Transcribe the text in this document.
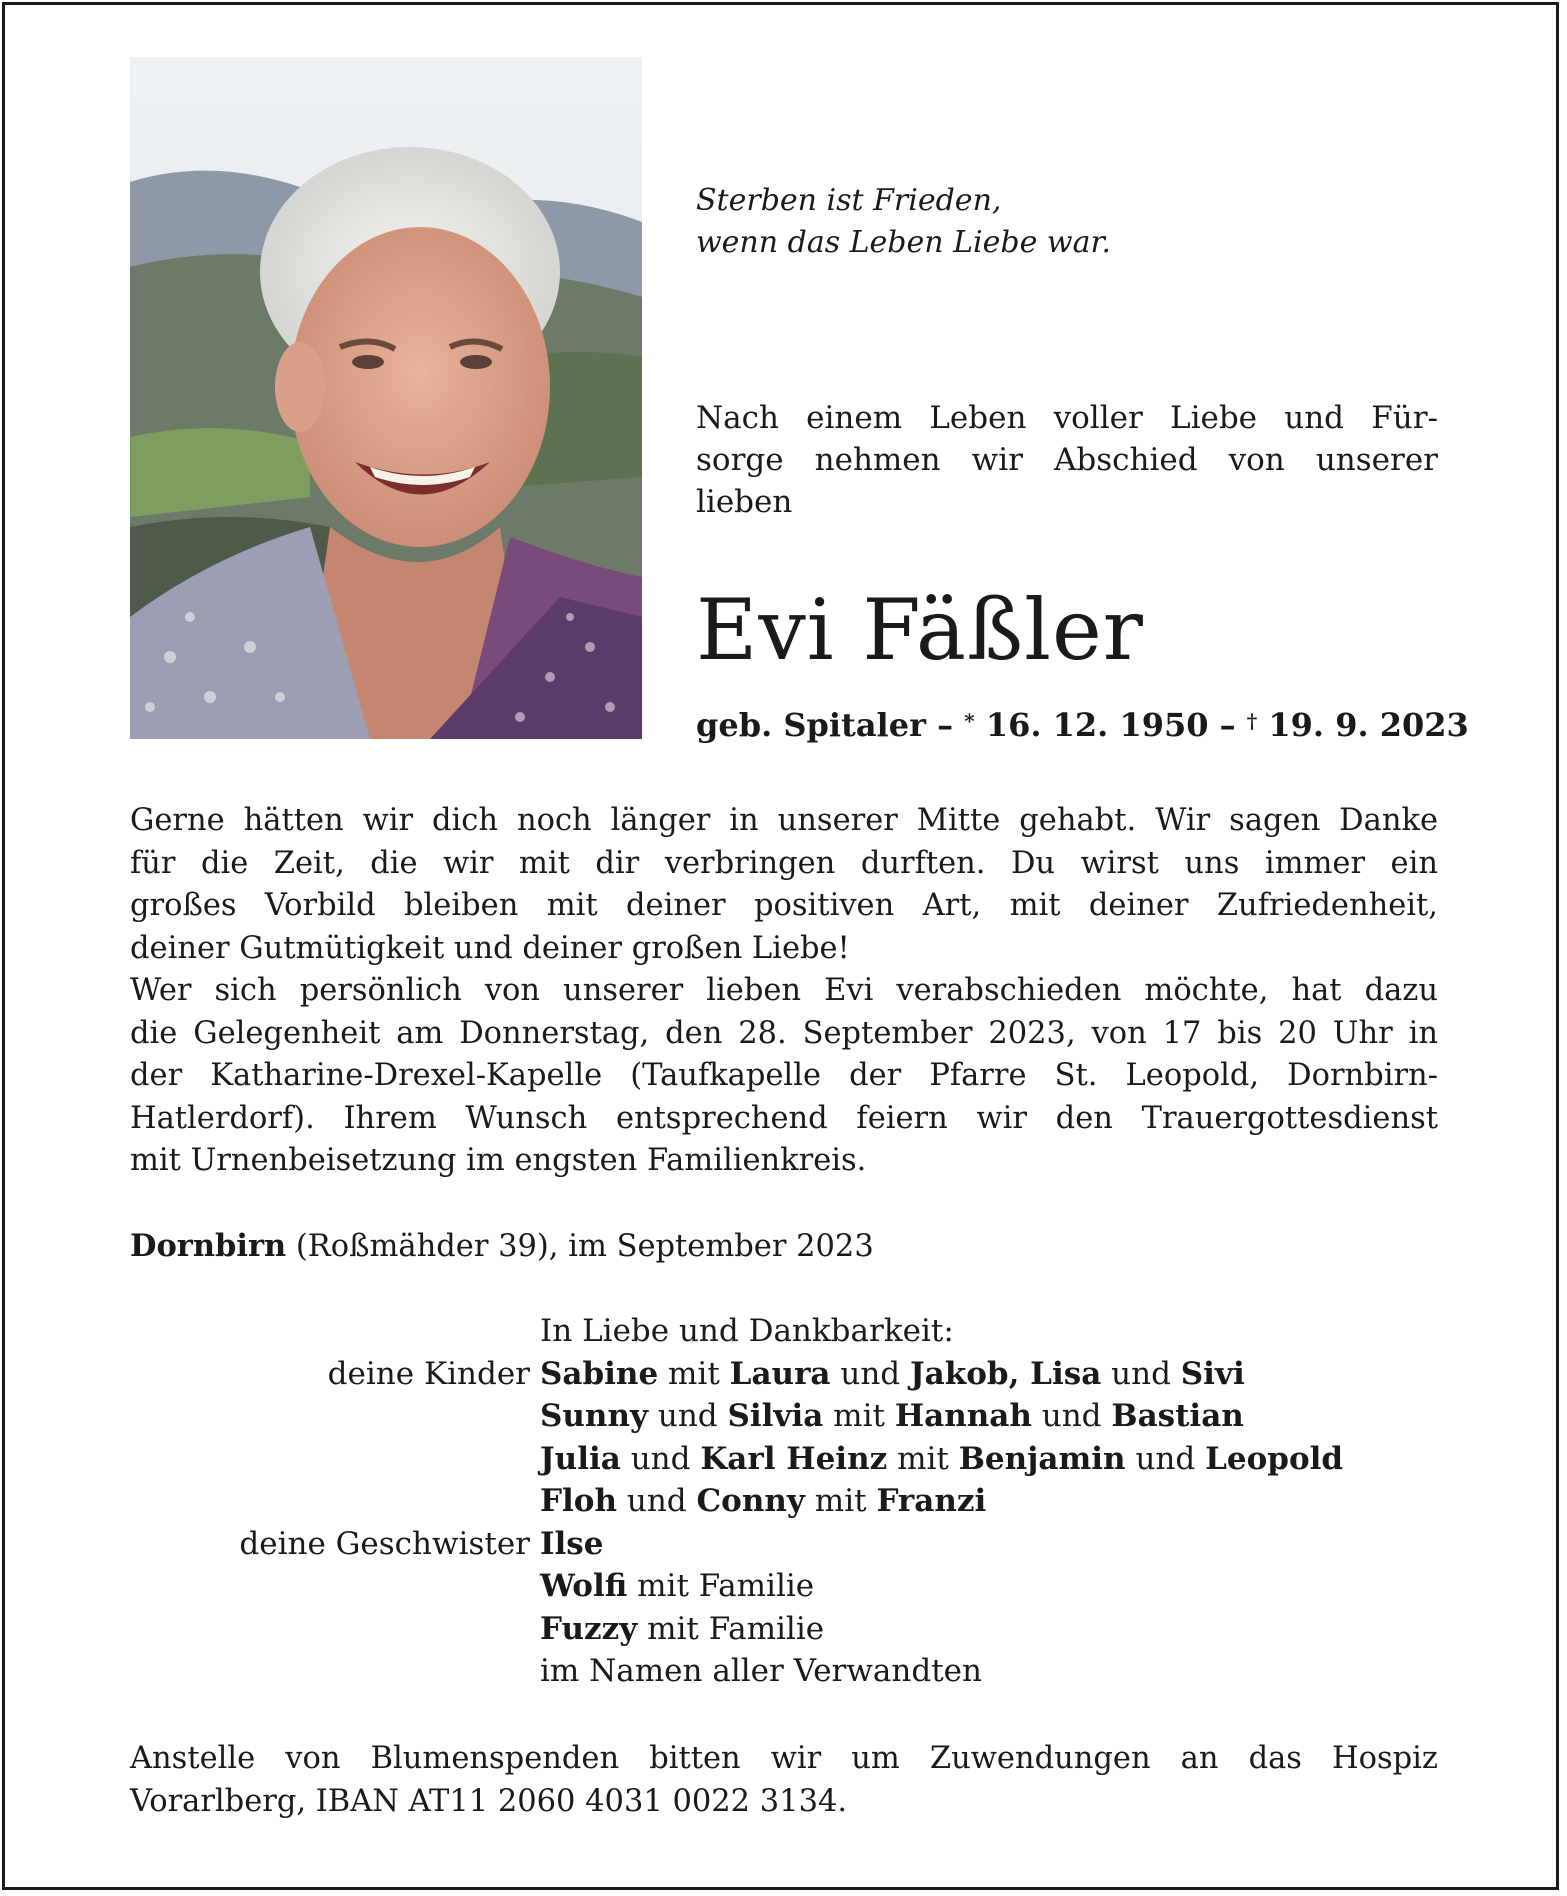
Sterben ist Frieden,
wenn das Leben Liebe war.
Nach einem Leben voller Liebe und Für-
sorge nehmen wir Abschied von unserer
lieben
Evi Fäßler
geb. Spitaler – * 16. 12. 1950 – † 19. 9. 2023
Gerne hätten wir dich noch länger in unserer Mitte gehabt. Wir sagen Danke
für die Zeit, die wir mit dir verbringen durften. Du wirst uns immer ein
großes Vorbild bleiben mit deiner positiven Art, mit deiner Zufriedenheit,
deiner Gutmütigkeit und deiner großen Liebe!
Wer sich persönlich von unserer lieben Evi verabschieden möchte, hat dazu
die Gelegenheit am Donnerstag, den 28. September 2023, von 17 bis 20 Uhr in
der Katharine-Drexel-Kapelle (Taufkapelle der Pfarre St. Leopold, Dornbirn-
Hatlerdorf). Ihrem Wunsch entsprechend feiern wir den Trauergottesdienst
mit Urnenbeisetzung im engsten Familienkreis.
Dornbirn (Roßmähder 39), im September 2023
In Liebe und Dankbarkeit:
deine Kinder Sabine mit Laura und Jakob, Lisa und Sivi
Sunny und Silvia mit Hannah und Bastian
Julia und Karl Heinz mit Benjamin und Leopold
Floh und Conny mit Franzi
deine Geschwister Ilse
Wolfi mit Familie
Fuzzy mit Familie
im Namen aller Verwandten
Anstelle von Blumenspenden bitten wir um Zuwendungen an das Hospiz
Vorarlberg, IBAN AT11 2060 4031 0022 3134.
